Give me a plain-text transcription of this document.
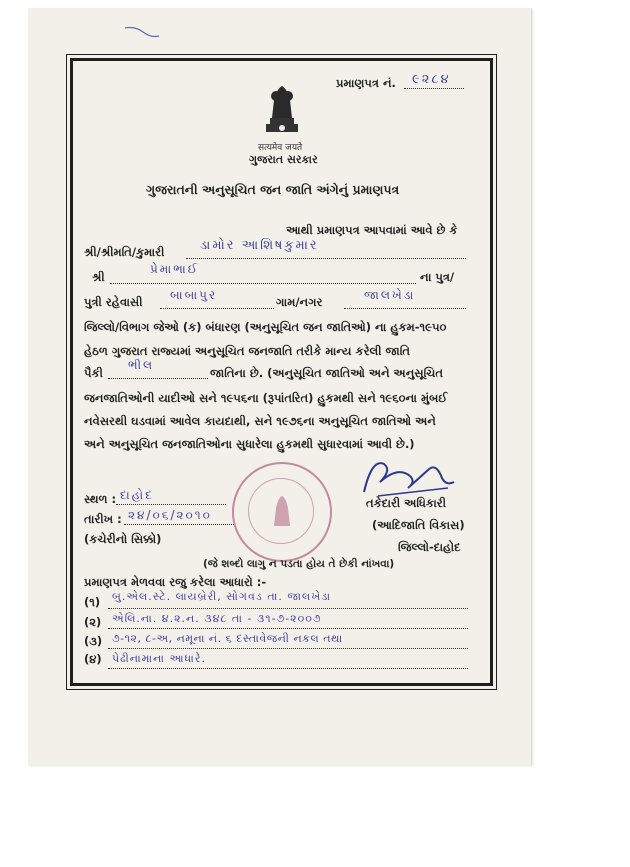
પ્રમાણપત્ર નં. ૯૨૮૪
सत्यमेव जयते
ગુજરાત સરકાર
ગુજરાતની અનુસૂચિત જન જાતિ અંગેનું પ્રમાણપત્ર
આથી પ્રમાણપત્ર આપવામાં આવે છે કે
શ્રી/શ્રીમતિ/કુમારી	ડામોર આશિષકુમાર
શ્રી
પ્રેમાભાઈ
ના પુત્ર/
પુત્રી રહેવાસી બાબાપુર	ગામ/નગર	જાલખેડા
જિલ્લો/વિભાગ જેઓ (ક) બંધારણ (અનુસૂચિત જન જાતિઓ) ના હુકમ-૧૯૫૦
હેઠળ ગુજરાત રાજ્યમાં અનુસૂચિત જનજાતિ તરીકે માન્ય કરેલી જાતિ
પૈકી
ભીલ
જાતિના છે. (અનુસૂચિત જાતિઓ અને અનુસૂચિત
જનજાતિઓની યાદીઓ સને ૧૯૫૬ના (રૂપાંતરિત) હુકમથી સને ૧૯૬૦ના મુંબઈ
નવેસરથી ઘડવામાં આવેલ કાયદાથી, સને ૧૯૭૬ના અનુસૂચિત જાતિઓ અને
અને અનુસૂચિત જનજાતિઓના સુધારેલા હુકમથી સુધારવામાં આવી છે.)
સ્થળ : દાહોદ
તારીખ : ૨૪/૦૬/૨૦૧૦
(કચેરીનો સિક્કો)
તકેદારી અધિકારી
(આદિજાતિ વિકાસ)
જિલ્લો-દાહોદ
(જે શબ્દો લાગુ ન પડતા હોય તે છેકી નાંખવા)
પ્રમાણપત્ર મેળવવા રજુ કરેલા આધારો :-
(૧) બુ.એલ.સ્ટે. લાયબ્રેરી, સોગવડ તા. જાલખેડા
(૨) એલિ.ના. ૪.૨.ન. ૩૪૮ તા - ૩૧-૭-૨૦૦૭
(૩) ૭-૧૨, ૮-અ, નમૂના નં. ૬ દસ્તાવેજની નકલ તથા
(૪) પેઢીનામાના આધારે.
